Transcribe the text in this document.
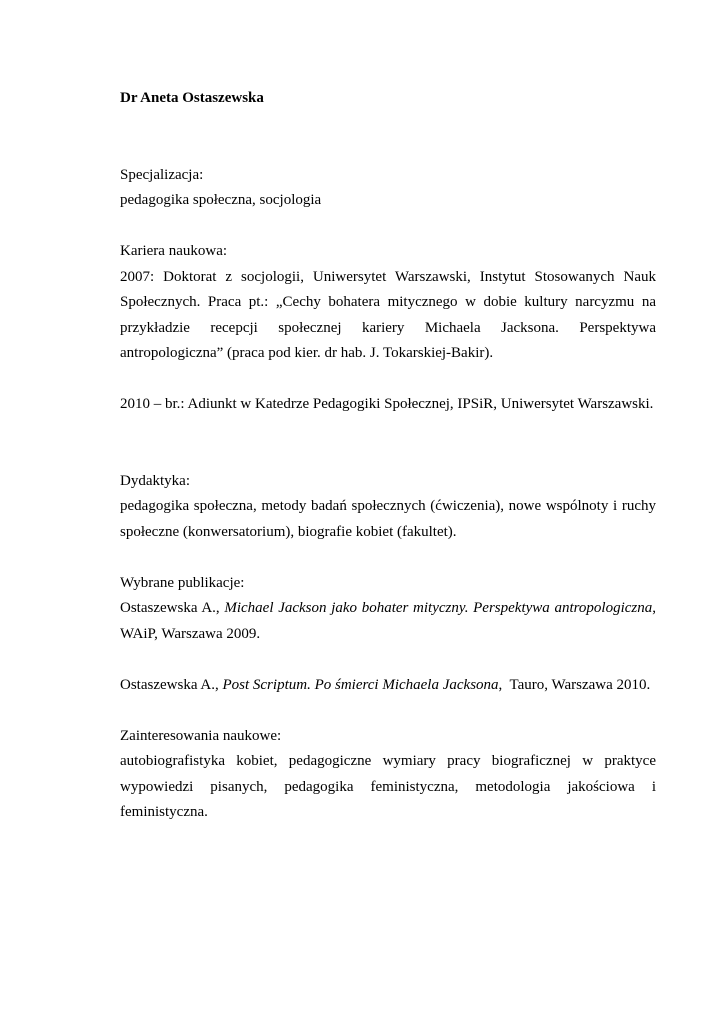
Dr Aneta Ostaszewska

Specjalizacja:

pedagogika społeczna, socjologia

Kariera naukowa:

2007: Doktorat z socjologii, Uniwersytet Warszawski, Instytut Stosowanych Nauk Społecznych. Praca pt.: „Cechy bohatera mitycznego w dobie kultury narcyzmu na przykładzie recepcji społecznej kariery Michaela Jacksona. Perspektywa antropologiczna” (praca pod kier. dr hab. J. Tokarskiej-Bakir).

2010 – br.: Adiunkt w Katedrze Pedagogiki Społecznej, IPSiR, Uniwersytet Warszawski.

Dydaktyka:

pedagogika społeczna, metody badań społecznych (ćwiczenia), nowe wspólnoty i ruchy społeczne (konwersatorium), biografie kobiet (fakultet).

Wybrane publikacje:

Ostaszewska A., Michael Jackson jako bohater mityczny. Perspektywa antropologiczna, WAiP, Warszawa 2009.

Ostaszewska A., Post Scriptum. Po śmierci Michaela Jacksona,  Tauro, Warszawa 2010.

Zainteresowania naukowe:

autobiografistyka kobiet, pedagogiczne wymiary pracy biograficznej w praktyce wypowiedzi pisanych, pedagogika feministyczna, metodologia jakościowa i feministyczna.
